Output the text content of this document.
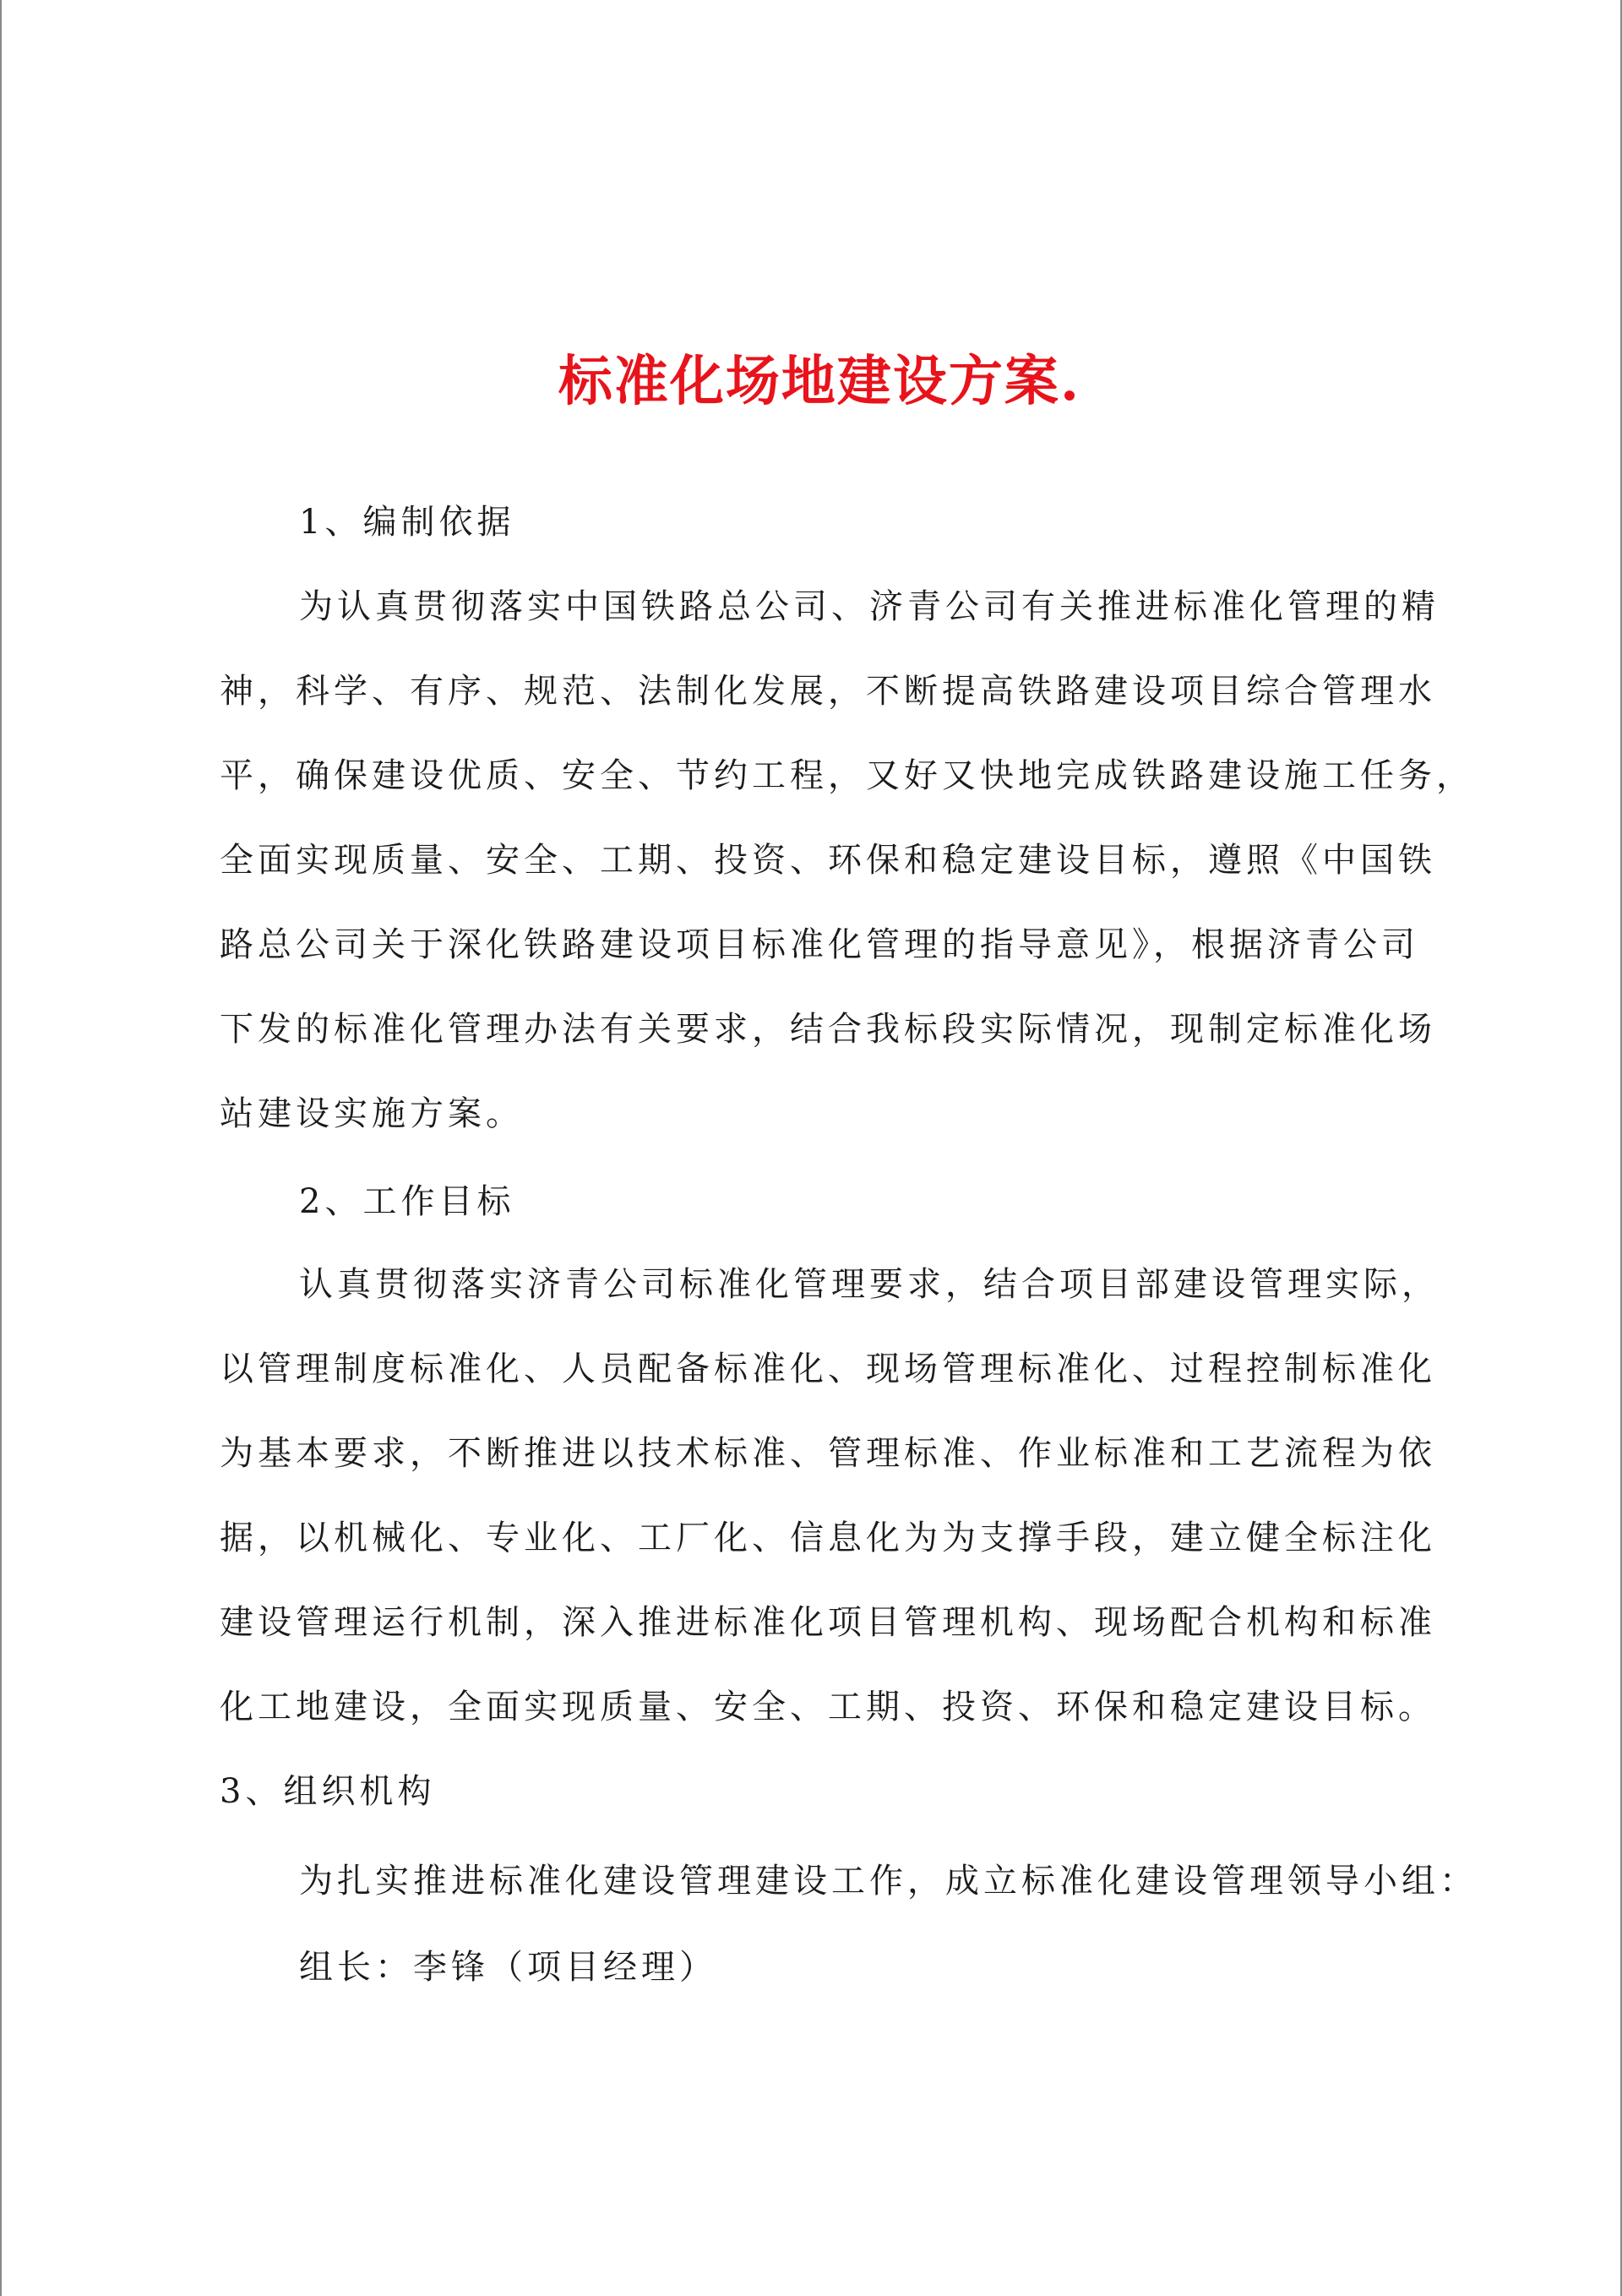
标准化场地建设方案.
1、编制依据
为认真贯彻落实中国铁路总公司、济青公司有关推进标准化管理的精
神，科学、有序、规范、法制化发展，不断提高铁路建设项目综合管理水
平，确保建设优质、安全、节约工程，又好又快地完成铁路建设施工任务，
全面实现质量、安全、工期、投资、环保和稳定建设目标，遵照《中国铁
路总公司关于深化铁路建设项目标准化管理的指导意见》，根据济青公司
下发的标准化管理办法有关要求，结合我标段实际情况，现制定标准化场
站建设实施方案。
2、工作目标
认真贯彻落实济青公司标准化管理要求，结合项目部建设管理实际，
以管理制度标准化、人员配备标准化、现场管理标准化、过程控制标准化
为基本要求，不断推进以技术标准、管理标准、作业标准和工艺流程为依
据，以机械化、专业化、工厂化、信息化为为支撑手段，建立健全标注化
建设管理运行机制，深入推进标准化项目管理机构、现场配合机构和标准
化工地建设，全面实现质量、安全、工期、投资、环保和稳定建设目标。
3、组织机构
为扎实推进标准化建设管理建设工作，成立标准化建设管理领导小组：
组长：李锋（项目经理）
